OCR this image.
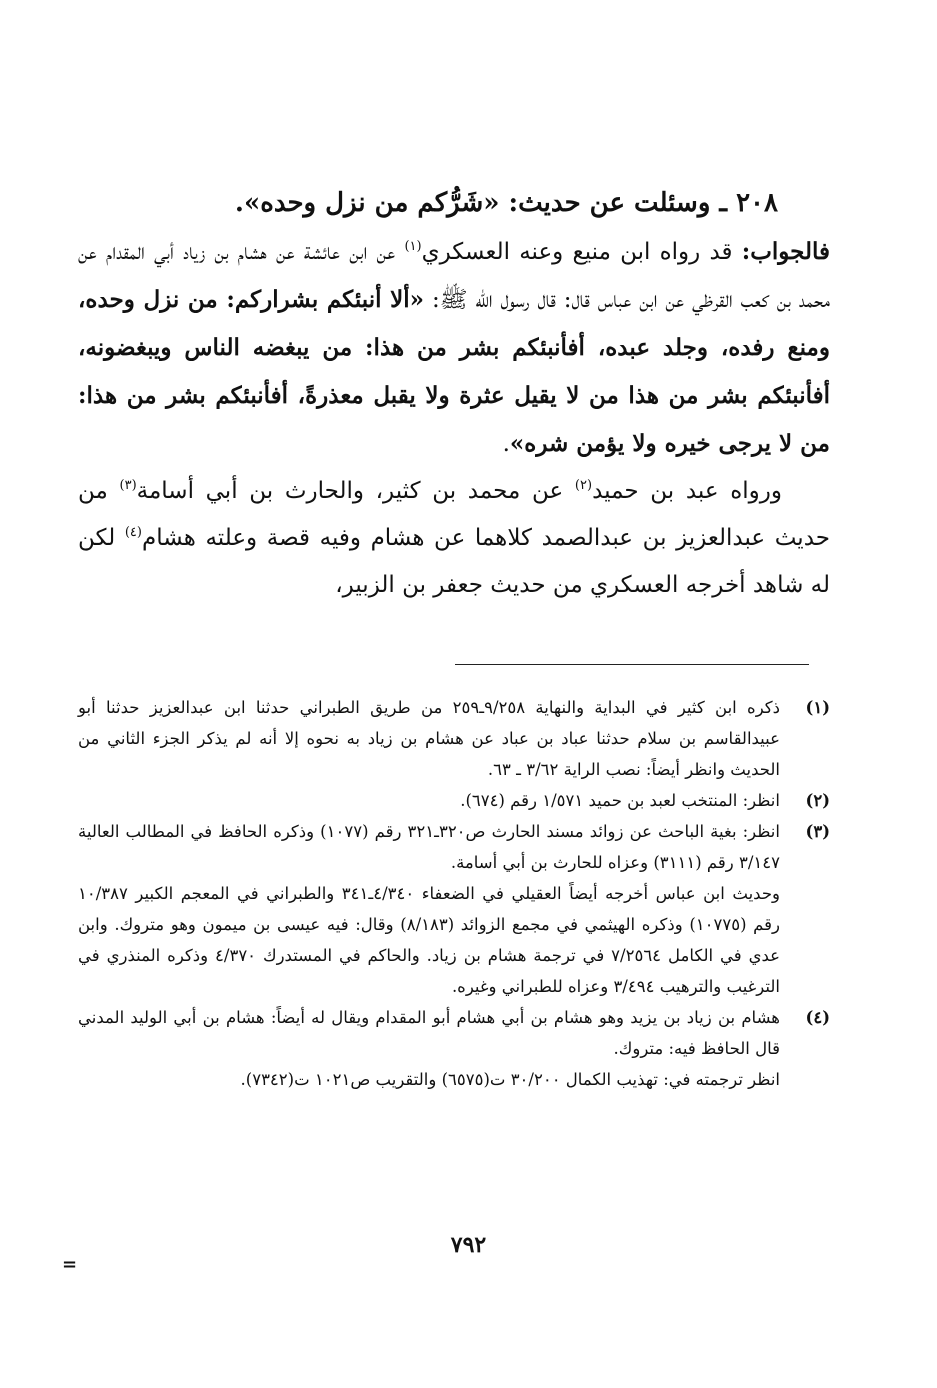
٢٠٨ ـ وسئلت عن حديث: «شَرُّكم من نزل وحده».

فالجواب: قد رواه ابن منيع وعنه العسكري$^{(١)}$ عن ابن عائشة عن هشام بن زياد أبي المقدام عن محمد بن كعب القرظي عن ابن عباس قال: قال رسول الله ﷺ: «ألا أنبئكم بشراركم: من نزل وحده، ومنع رفده، وجلد عبده، أفأنبئكم بشر من هذا: من يبغضه الناس ويبغضونه، أفأنبئكم بشر من هذا من لا يقيل عثرة ولا يقبل معذرةً، أفأنبئكم بشر من هذا: من لا يرجى خيره ولا يؤمن شره».

ورواه عبد بن حميد$^{(٢)}$ عن محمد بن كثير، والحارث بن أبي أسامة$^{(٣)}$ من حديث عبدالعزيز بن عبدالصمد كلاهما عن هشام وفيه قصة وعلته هشام$^{(٤)}$ لكن له شاهد أخرجه العسكري من حديث جعفر بن الزبير،

(١)
ذكره ابن كثير في البداية والنهاية ٩/٢٥٨ـ٢٥٩ من طريق الطبراني حدثنا ابن عبدالعزيز حدثنا أبو عبيدالقاسم بن سلام حدثنا عباد بن عباد عن هشام بن زياد به نحوه إلا أنه لم يذكر الجزء الثاني من الحديث وانظر أيضاً: نصب الراية ٣/٦٢ ـ ٦٣.
(٢)
انظر: المنتخب لعبد بن حميد ١/٥٧١ رقم (٦٧٤).
(٣)
انظر: بغية الباحث عن زوائد مسند الحارث ص٣٢٠ـ٣٢١ رقم (١٠٧٧) وذكره الحافظ في المطالب العالية ٣/١٤٧ رقم (٣١١١) وعزاه للحارث بن أبي أسامة.
وحديث ابن عباس أخرجه أيضاً العقيلي في الضعفاء ٤/٣٤٠ـ٣٤١ والطبراني في المعجم الكبير ١٠/٣٨٧ رقم (١٠٧٧٥) وذكره الهيثمي في مجمع الزوائد (٨/١٨٣) وقال: فيه عيسى بن ميمون وهو متروك. وابن عدي في الكامل ٧/٢٥٦٤ في ترجمة هشام بن زياد. والحاكم في المستدرك ٤/٣٧٠ وذكره المنذري في الترغيب والترهيب ٣/٤٩٤ وعزاه للطبراني وغيره.
(٤)
هشام بن زياد بن يزيد وهو هشام بن أبي هشام أبو المقدام ويقال له أيضاً: هشام بن أبي الوليد المدني قال الحافظ فيه: متروك.
انظر ترجمته في: تهذيب الكمال ٣٠/٢٠٠ ت(٦٥٧٥) والتقريب ص١٠٢١ ت(٧٣٤٢).
٧٩٢
=
